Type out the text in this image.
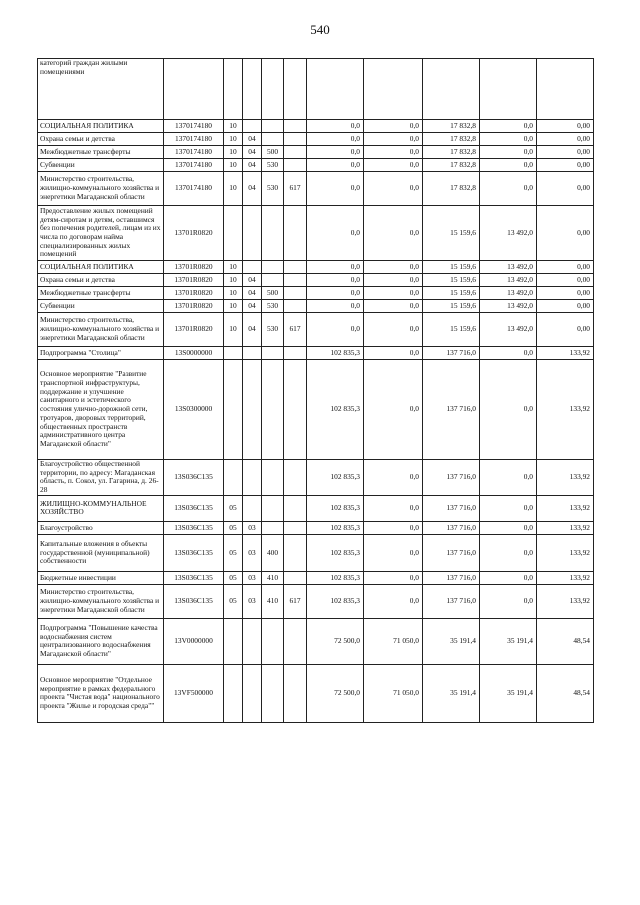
540
категорий граждан жилыми помещениями										
СОЦИАЛЬНАЯ ПОЛИТИКА	1370174180	10				0,0	0,0	17 832,8	0,0	0,00
Охрана семьи и детства	1370174180	10	04			0,0	0,0	17 832,8	0,0	0,00
Межбюджетные трансферты	1370174180	10	04	500		0,0	0,0	17 832,8	0,0	0,00
Субвенции	1370174180	10	04	530		0,0	0,0	17 832,8	0,0	0,00
Министерство строительства, жилищно-коммунального хозяйства и энергетики Магаданской области	1370174180	10	04	530	617	0,0	0,0	17 832,8	0,0	0,00
Предоставление жилых помещений детям-сиротам и детям, оставшимся без попечения родителей, лицам из их числа по договорам найма специализированных жилых помещений	13701R0820					0,0	0,0	15 159,6	13 492,0	0,00
СОЦИАЛЬНАЯ ПОЛИТИКА	13701R0820	10				0,0	0,0	15 159,6	13 492,0	0,00
Охрана семьи и детства	13701R0820	10	04			0,0	0,0	15 159,6	13 492,0	0,00
Межбюджетные трансферты	13701R0820	10	04	500		0,0	0,0	15 159,6	13 492,0	0,00
Субвенции	13701R0820	10	04	530		0,0	0,0	15 159,6	13 492,0	0,00
Министерство строительства, жилищно-коммунального хозяйства и энергетики Магаданской области	13701R0820	10	04	530	617	0,0	0,0	15 159,6	13 492,0	0,00
Подпрограмма "Столица"	13S0000000					102 835,3	0,0	137 716,0	0,0	133,92
Основное мероприятие "Развитие транспортной инфраструктуры, поддержание и улучшение санитарного и эстетического состояния улично-дорожной сети, тротуаров, дворовых территорий, общественных пространств административного центра Магаданской области"	13S0300000					102 835,3	0,0	137 716,0	0,0	133,92
Благоустройство общественной территории, по адресу: Магаданская область, п. Сокол, ул. Гагарина, д. 26-28	13S036C135					102 835,3	0,0	137 716,0	0,0	133,92
ЖИЛИЩНО-КОММУНАЛЬНОЕ ХОЗЯЙСТВО	13S036C135	05				102 835,3	0,0	137 716,0	0,0	133,92
Благоустройство	13S036C135	05	03			102 835,3	0,0	137 716,0	0,0	133,92
Капитальные вложения в объекты государственной (муниципальной) собственности	13S036C135	05	03	400		102 835,3	0,0	137 716,0	0,0	133,92
Бюджетные инвестиции	13S036C135	05	03	410		102 835,3	0,0	137 716,0	0,0	133,92
Министерство строительства, жилищно-коммунального хозяйства и энергетики Магаданской области	13S036C135	05	03	410	617	102 835,3	0,0	137 716,0	0,0	133,92
Подпрограмма "Повышение качества водоснабжения систем централизованного водоснабжения Магаданской области"	13V0000000					72 500,0	71 050,0	35 191,4	35 191,4	48,54
Основное мероприятие "Отдельное мероприятие в рамках федерального проекта "Чистая вода" национального проекта "Жилье и городская среда""	13VF500000					72 500,0	71 050,0	35 191,4	35 191,4	48,54
